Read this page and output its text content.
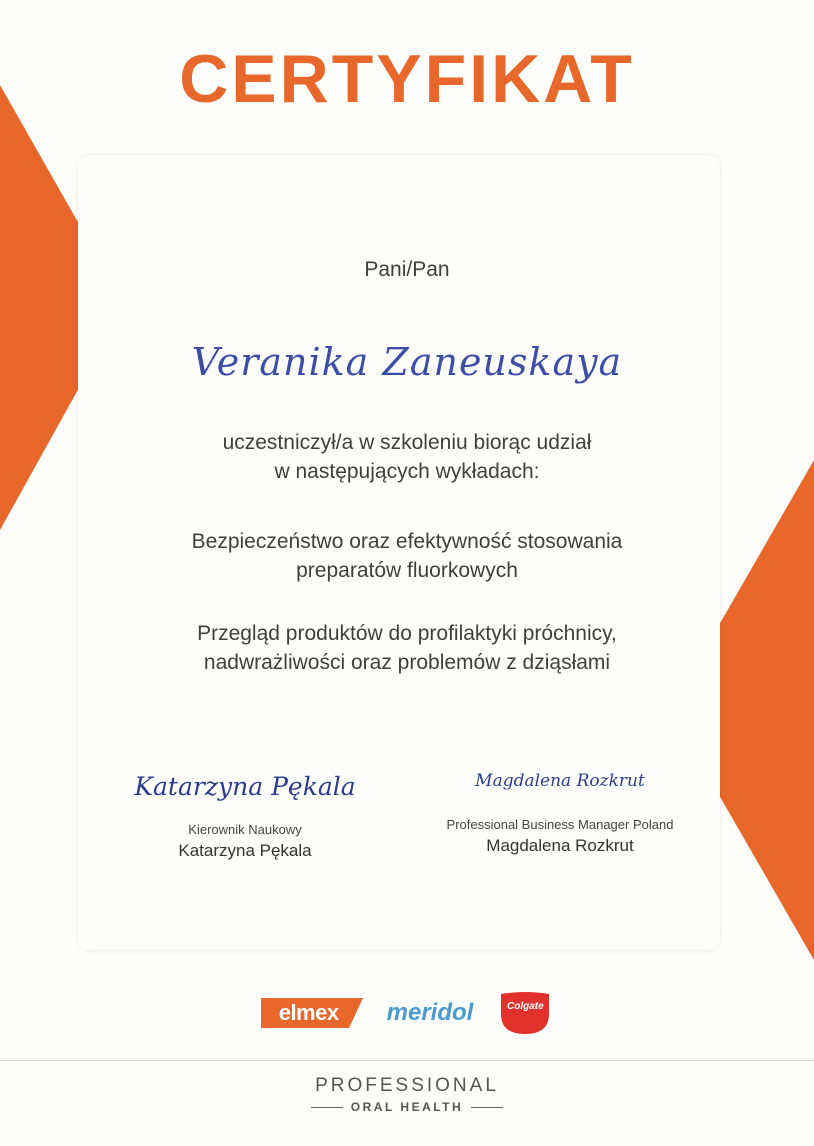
CERTYFIKAT
Pani/Pan
Veranika Zaneuskaya
uczestniczył/a w szkoleniu biorąc udział
w następujących wykładach:
Bezpieczeństwo oraz efektywność stosowania
preparatów fluorkowych
Przegląd produktów do profilaktyki próchnicy,
nadwrażliwości oraz problemów z dziąsłami
Katarzyna Pękala
Kierownik Naukowy
Katarzyna Pękala
Magdalena Rozkrut
Professional Business Manager Poland
Magdalena Rozkrut
elmex meridol	Colgate
PROFESSIONAL
ORAL HEALTH
